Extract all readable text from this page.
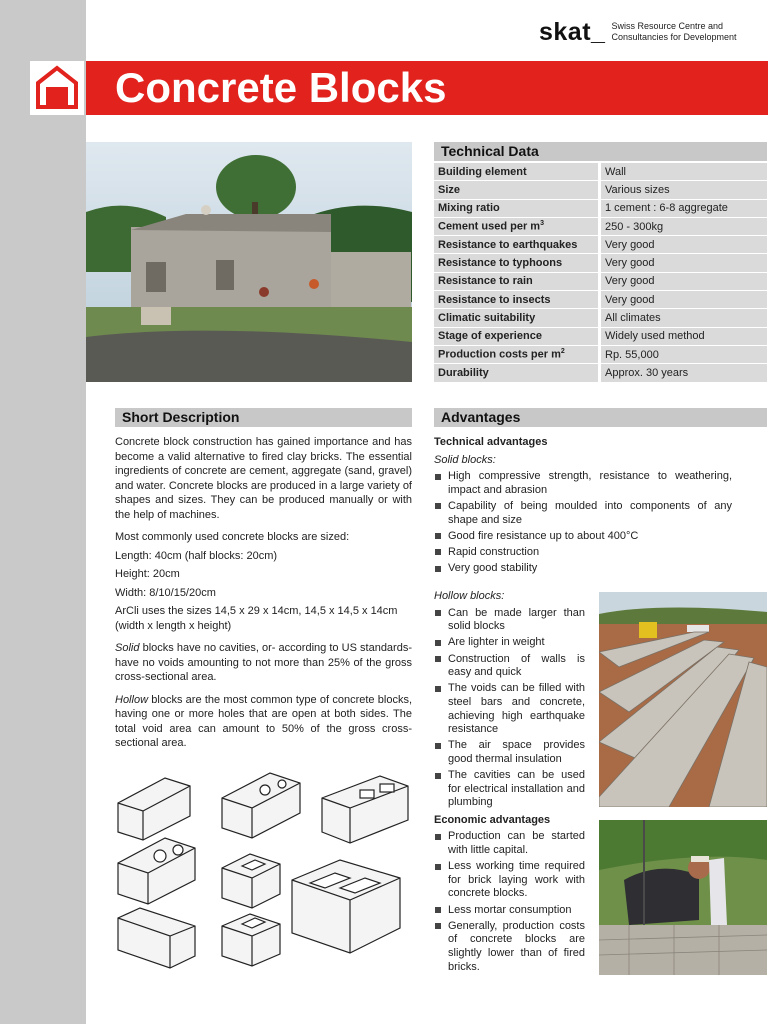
skat_ Swiss Resource Centre and
Consultancies for Development
Concrete Blocks
Technical Data
Building element	Wall
Size	Various sizes
Mixing ratio	1 cement : 6-8 aggregate
Cement used per $m^3$	250 - 300kg
Resistance to earthquakes	Very good
Resistance to typhoons	Very good
Resistance to rain	Very good
Resistance to insects	Very good
Climatic suitability	All climates
Stage of experience	Widely used method
Production costs per $m^2$	Rp. 55,000
Durability	Approx. 30 years
Short Description	Advantages

Concrete block construction has gained importance and has become a valid alternative to fired clay bricks. The essential ingredients of concrete are cement, aggregate (sand, gravel) and water. Concrete blocks are produced in a large variety of shapes and sizes. They can be produced manually or with the help of machines.

Most commonly used concrete blocks are sized:

Length: 40cm (half blocks: 20cm)

Height: 20cm

Width: 8/10/15/20cm

ArCli uses the sizes 14,5 x 29 x 14cm, 14,5 x 14,5 x 14cm (width x length x height)

Solid blocks have no cavities, or- according to US standards- have no voids amounting to not more than 25% of the gross cross-sectional area.

Hollow blocks are the most common type of concrete blocks, having one or more holes that are open at both sides. The total void area can amount to 50% of the gross cross-sectional area.

Technical advantages
Solid blocks:
High compressive strength, resistance to weathering, impact and abrasion
Capability of being moulded into components of any shape and size
Good fire resistance up to about 400°C
Rapid construction
Very good stability
Hollow blocks:
Can be made larger than solid blocks
Are lighter in weight
Construction of walls is easy and quick
The voids can be filled with steel bars and concrete, achieving high earthquake resistance
The air space provides good thermal insulation
The cavities can be used for electrical installation and plumbing
Economic advantages
Production can be started with little capital.
Less working time required for brick laying work with concrete blocks.
Less mortar consumption
Generally, production costs of concrete blocks are slightly lower than of fired bricks.
